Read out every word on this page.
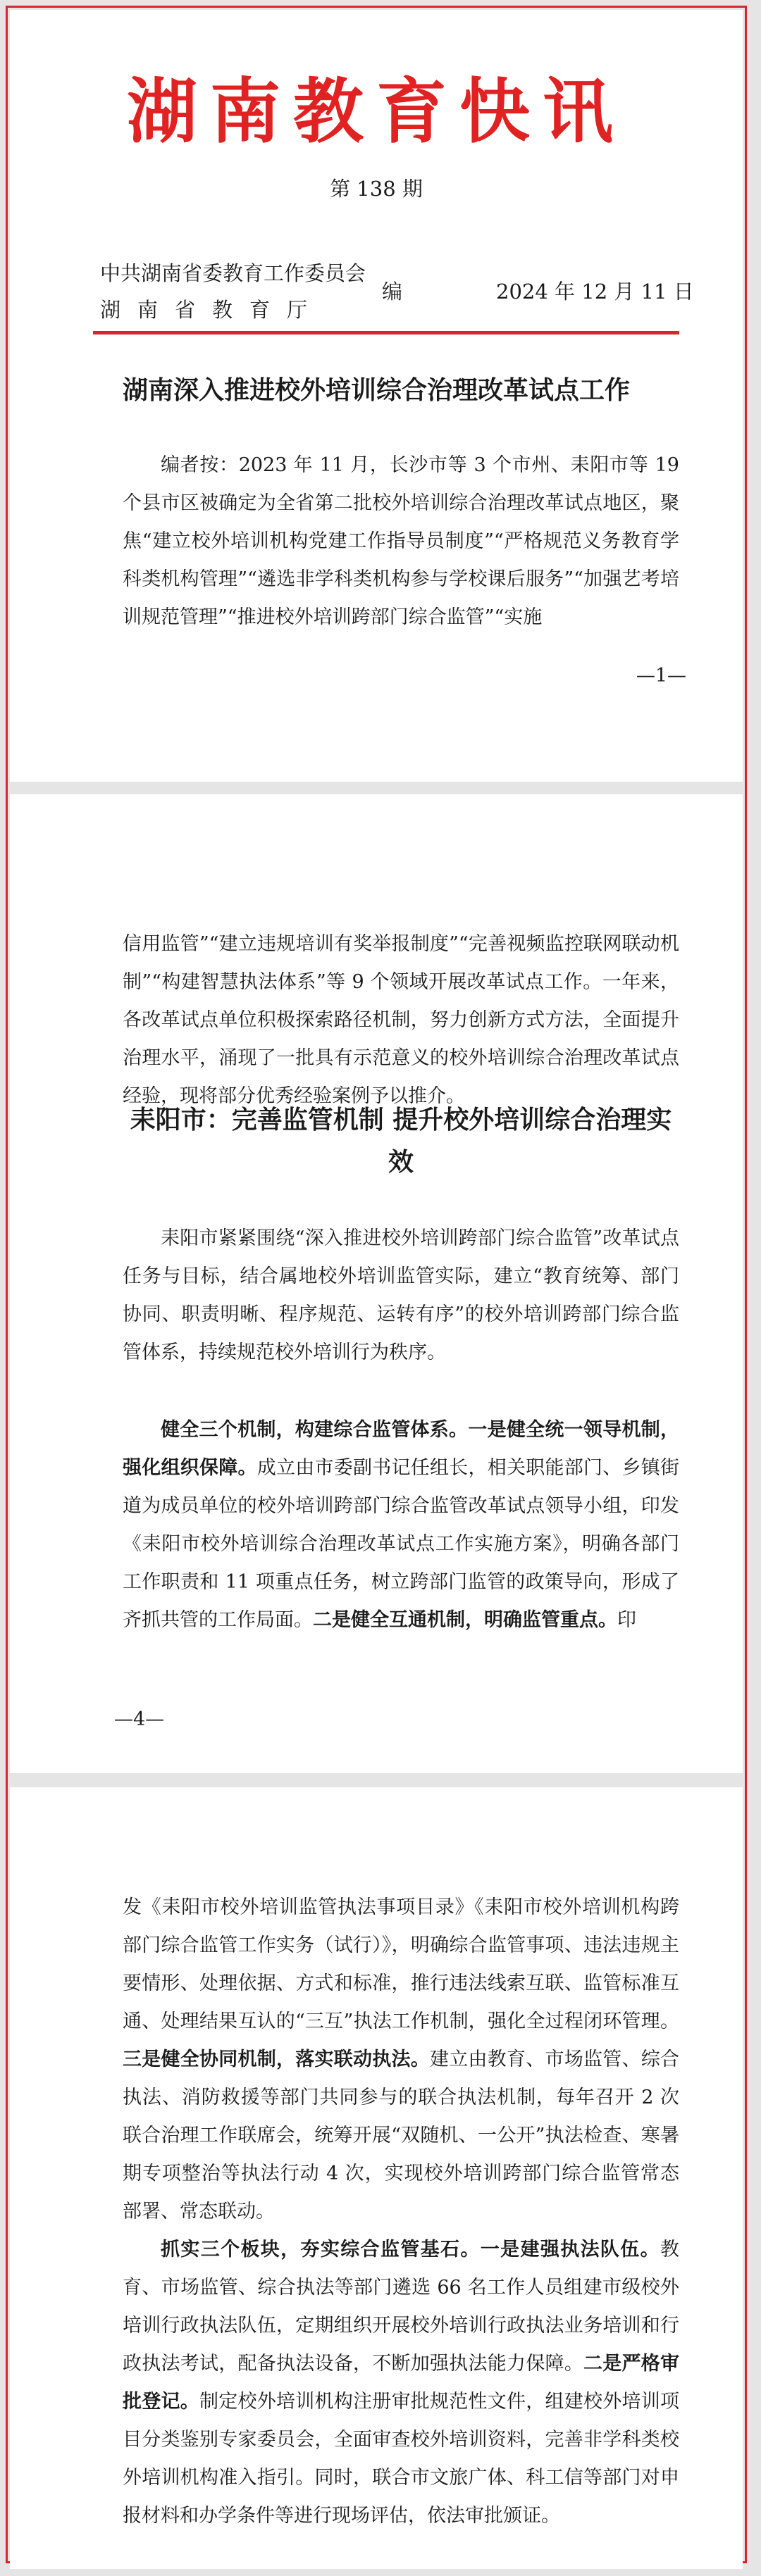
湖南教育快讯
第 138 期
中共湖南省委教育工作委员会
湖南省教育厅
编	2024 年 12 月 11 日
湖南深入推进校外培训综合治理改革试点工作

编者按：2023 年 11 月，长沙市等 3 个市州、耒阳市等 19 个县市区被确定为全省第二批校外培训综合治理改革试点地区，聚焦“建立校外培训机构党建工作指导员制度”“严格规范义务教育学科类机构管理”“遴选非学科类机构参与学校课后服务”“加强艺考培训规范管理”“推进校外培训跨部门综合监管”“实施

—1—

信用监管”“建立违规培训有奖举报制度”“完善视频监控联网联动机制”“构建智慧执法体系”等 9 个领域开展改革试点工作。一年来，各改革试点单位积极探索路径机制，努力创新方式方法，全面提升治理水平，涌现了一批具有示范意义的校外培训综合治理改革试点经验，现将部分优秀经验案例予以推介。

耒阳市：完善监管机制 提升校外培训综合治理实效

耒阳市紧紧围绕“深入推进校外培训跨部门综合监管”改革试点任务与目标，结合属地校外培训监管实际，建立“教育统筹、部门协同、职责明晰、程序规范、运转有序”的校外培训跨部门综合监管体系，持续规范校外培训行为秩序。

健全三个机制，构建综合监管体系。一是健全统一领导机制，强化组织保障。成立由市委副书记任组长，相关职能部门、乡镇街道为成员单位的校外培训跨部门综合监管改革试点领导小组，印发《耒阳市校外培训综合治理改革试点工作实施方案》，明确各部门工作职责和 11 项重点任务，树立跨部门监管的政策导向，形成了齐抓共管的工作局面。二是健全互通机制，明确监管重点。印

—4—

发《耒阳市校外培训监管执法事项目录》《耒阳市校外培训机构跨部门综合监管工作实务（试行）》，明确综合监管事项、违法违规主要情形、处理依据、方式和标准，推行违法线索互联、监管标准互通、处理结果互认的“三互”执法工作机制，强化全过程闭环管理。三是健全协同机制，落实联动执法。建立由教育、市场监管、综合执法、消防救援等部门共同参与的联合执法机制，每年召开 2 次联合治理工作联席会，统筹开展“双随机、一公开”执法检查、寒暑期专项整治等执法行动 4 次，实现校外培训跨部门综合监管常态部署、常态联动。

抓实三个板块，夯实综合监管基石。一是建强执法队伍。教育、市场监管、综合执法等部门遴选 66 名工作人员组建市级校外培训行政执法队伍，定期组织开展校外培训行政执法业务培训和行政执法考试，配备执法设备，不断加强执法能力保障。二是严格审批登记。制定校外培训机构注册审批规范性文件，组建校外培训项目分类鉴别专家委员会，全面审查校外培训资料，完善非学科类校外培训机构准入指引。同时，联合市文旅广体、科工信等部门对申报材料和办学条件等进行现场评估，依法审批颁证。
